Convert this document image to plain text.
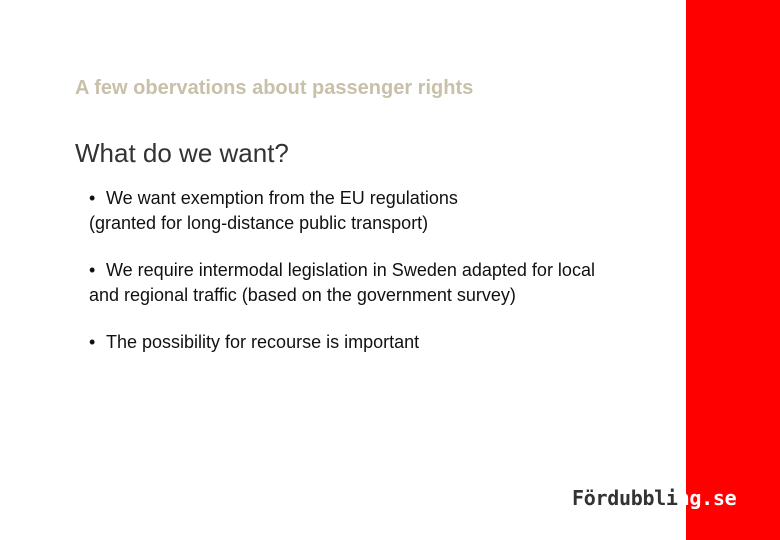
A few obervations about passenger rights
What do we want?
• We want exemption from the EU regulations
(granted for long-distance public transport)
• We require intermodal legislation in Sweden adapted for local
and regional traffic (based on the government survey)
• The possibility for recourse is important
Fördubbling.se
